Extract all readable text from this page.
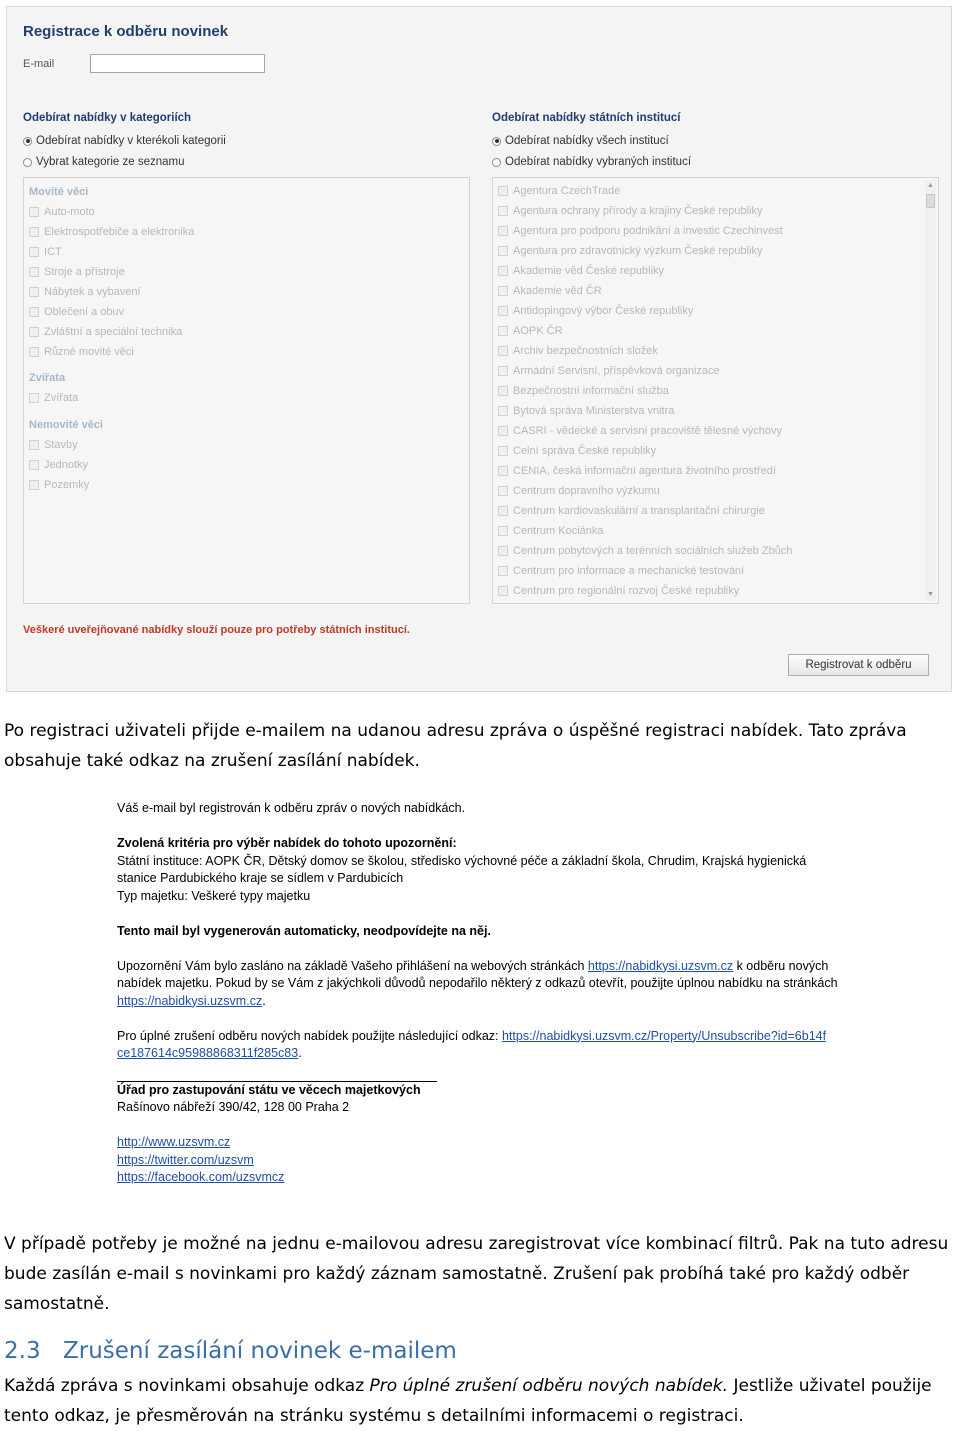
Registrace k odběru novinek
E-mail
Odebírat nabídky v kategoriích
Odebírat nabídky v kterékoli kategorii
Vybrat kategorie ze seznamu
Movité věci
Auto-moto
Elektrospotřebiče a elektronika
ICT
Stroje a přístroje
Nábytek a vybavení
Oblečení a obuv
Zvláštní a speciální technika
Různé movité věci
Zvířata
Zvířata
Nemovité věci
Stavby
Jednotky
Pozemky
Odebírat nabídky státních institucí
Odebírat nabídky všech institucí
Odebírat nabídky vybraných institucí
Agentura CzechTrade
Agentura ochrany přírody a krajiny České republiky
Agentura pro podporu podnikání a investic Czechinvest
Agentura pro zdravotnický výzkum České republiky
Akademie věd České republiky
Akademie věd ČR
Antidopingový výbor České republiky
AOPK ČR
Archiv bezpečnostních složek
Armádní Servisní, příspěvková organizace
Bezpečnostní informační služba
Bytová správa Ministerstva vnitra
CASRI - vědecké a servisní pracoviště tělesné výchovy
Celní správa České republiky
CENIA, česká informační agentura životního prostředí
Centrum dopravního výzkumu
Centrum kardiovaskulární a transplantační chirurgie
Centrum Kociánka
Centrum pobytových a terénních sociálních služeb Zbůch
Centrum pro informace a mechanické testování
Centrum pro regionální rozvoj České republiky
▲
▼
Veškeré uveřejňované nabídky slouží pouze pro potřeby státních institucí.
Registrovat k odběru

Po registraci uživateli přijde e-mailem na udanou adresu zpráva o úspěšné registraci nabídek. Tato zpráva obsahuje také odkaz na zrušení zasílání nabídek.

Váš e-mail byl registrován k odběru zpráv o nových nabídkách.

Zvolená kritéria pro výběr nabídek do tohoto upozornění:

Státní instituce: AOPK ČR, Dětský domov se školou, středisko výchovné péče a základní škola, Chrudim, Krajská hygienická stanice Pardubického kraje se sídlem v Pardubicích

Typ majetku: Veškeré typy majetku

Tento mail byl vygenerován automaticky, neodpovídejte na něj.

Upozornění Vám bylo zasláno na základě Vašeho přihlášení na webových stránkách https://nabidkysi.uzsvm.cz k odběru nových nabídek majetku. Pokud by se Vám z jakýchkoli důvodů nepodařilo některý z odkazů otevřít, použijte úplnou nabídku na stránkách https://nabidkysi.uzsvm.cz.

Pro úplné zrušení odběru nových nabídek použijte následující odkaz: https://nabidkysi.uzsvm.cz/Property/Unsubscribe?id=6b14fce187614c95988868311f285c83.

Úřad pro zastupování státu ve věcech majetkových

Rašínovo nábřeží 390/42, 128 00 Praha 2

http://www.uzsvm.cz

https://twitter.com/uzsvm

https://facebook.com/uzsvmcz

V případě potřeby je možné na jednu e-mailovou adresu zaregistrovat více kombinací filtrů. Pak na tuto adresu bude zasílán e-mail s novinkami pro každý záznam samostatně. Zrušení pak probíhá také pro každý odběr samostatně.

2.3 Zrušení zasílání novinek e-mailem

Každá zpráva s novinkami obsahuje odkaz Pro úplné zrušení odběru nových nabídek. Jestliže uživatel použije tento odkaz, je přesměrován na stránku systému s detailními informacemi o registraci.
